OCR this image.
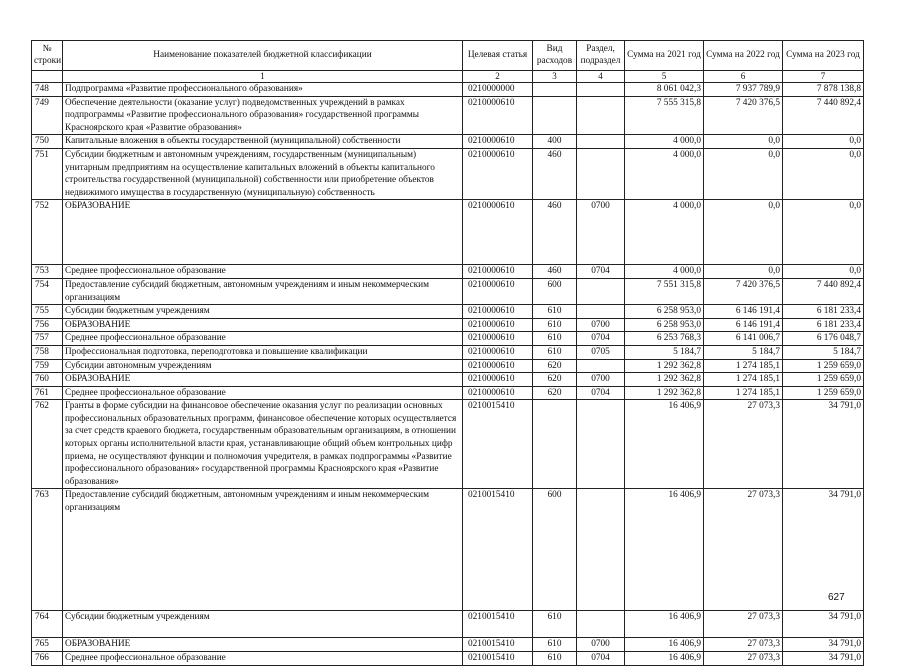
№ строки	Наименование показателей бюджетной классификации	Целевая статья	Вид расходов	Раздел, подраздел	Сумма на 2021 год	Сумма на 2022 год	Сумма на 2023 год
	1	2	3	4	5	6	7
748	Подпрограмма «Развитие профессионального образования»	0210000000			8 061 042,3	7 937 789,9	7 878 138,8
749	Обеспечение деятельности (оказание услуг) подведомственных учреждений в рамках подпрограммы «Развитие профессионального образования» государственной программы Красноярского края «Развитие образования»	0210000610			7 555 315,8	7 420 376,5	7 440 892,4
750	Капитальные вложения в объекты государственной (муниципальной) собственности	0210000610	400		4 000,0	0,0	0,0
751	Субсидии бюджетным и автономным учреждениям, государственным (муниципальным) унитарным предприятиям на осуществление капитальных вложений в объекты капитального строительства государственной (муниципальной) собственности или приобретение объектов недвижимого имущества в государственную (муниципальную) собственность	0210000610	460		4 000,0	0,0	0,0
752	ОБРАЗОВАНИЕ	0210000610	460	0700	4 000,0	0,0	0,0
753	Среднее профессиональное образование	0210000610	460	0704	4 000,0	0,0	0,0
754	Предоставление субсидий бюджетным, автономным учреждениям и иным некоммерческим организациям	0210000610	600		7 551 315,8	7 420 376,5	7 440 892,4
755	Субсидии бюджетным учреждениям	0210000610	610		6 258 953,0	6 146 191,4	6 181 233,4
756	ОБРАЗОВАНИЕ	0210000610	610	0700	6 258 953,0	6 146 191,4	6 181 233,4
757	Среднее профессиональное образование	0210000610	610	0704	6 253 768,3	6 141 006,7	6 176 048,7
758	Профессиональная подготовка, переподготовка и повышение квалификации	0210000610	610	0705	5 184,7	5 184,7	5 184,7
759	Субсидии автономным учреждениям	0210000610	620		1 292 362,8	1 274 185,1	1 259 659,0
760	ОБРАЗОВАНИЕ	0210000610	620	0700	1 292 362,8	1 274 185,1	1 259 659,0
761	Среднее профессиональное образование	0210000610	620	0704	1 292 362,8	1 274 185,1	1 259 659,0
762	Гранты в форме субсидии на финансовое обеспечение оказания услуг по реализации основных профессиональных образовательных программ, финансовое обеспечение которых осуществляется за счет средств краевого бюджета, государственным образовательным организациям, в отношении которых органы исполнительной власти края, устанавливающие общий объем контрольных цифр приема, не осуществляют функции и полномочия учредителя, в рамках подпрограммы «Развитие профессионального образования» государственной программы Красноярского края «Развитие образования»	0210015410			16 406,9	27 073,3	34 791,0
763	Предоставление субсидий бюджетным, автономным учреждениям и иным некоммерческим организациям	0210015410	600		16 406,9	27 073,3	34 791,0
764	Субсидии бюджетным учреждениям	0210015410	610		16 406,9	27 073,3	34 791,0
765	ОБРАЗОВАНИЕ	0210015410	610	0700	16 406,9	27 073,3	34 791,0
766	Среднее профессиональное образование	0210015410	610	0704	16 406,9	27 073,3	34 791,0
627
